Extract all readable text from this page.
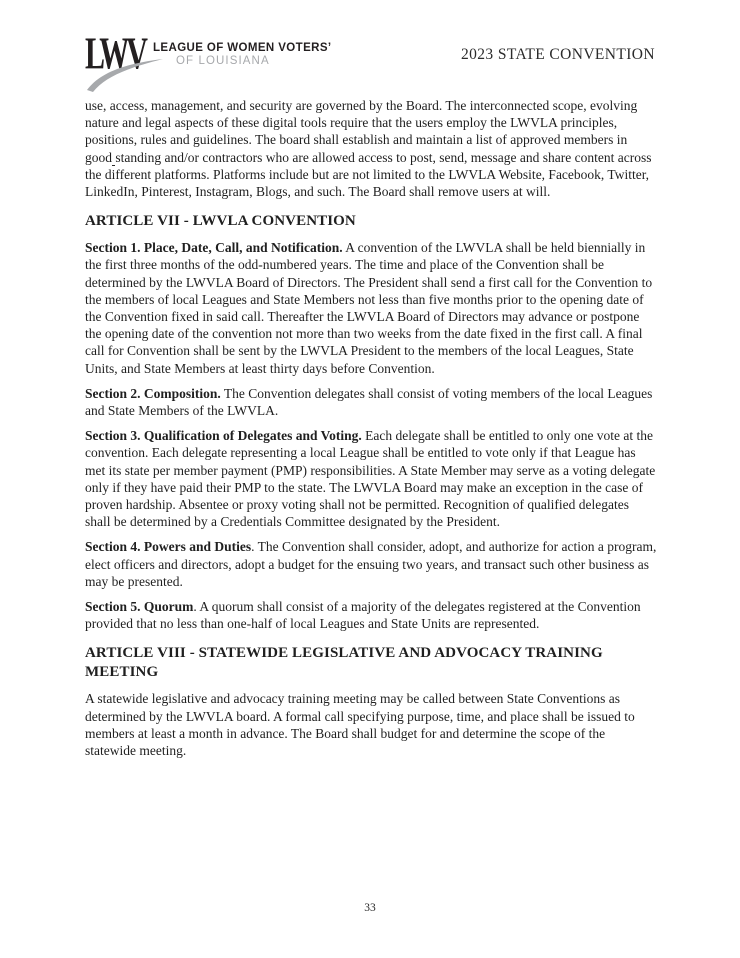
LWV LEAGUE OF WOMEN VOTERS’
OF LOUISIANA	2023 STATE CONVENTION

use, access, management, and security are governed by the Board. The interconnected scope, evolving nature and legal aspects of these digital tools require that the users employ the LWVLA principles, positions, rules and guidelines. The board shall establish and maintain a list of approved members in good standing and/or contractors who are allowed access to post, send, message and share content across the different platforms. Platforms include but are not limited to the LWVLA Website, Facebook, Twitter, LinkedIn, Pinterest, Instagram, Blogs, and such. The Board shall remove users at will.

ARTICLE VII - LWVLA CONVENTION

Section 1. Place, Date, Call, and Notification. A convention of the LWVLA shall be held biennially in the first three months of the odd-numbered years. The time and place of the Convention shall be determined by the LWVLA Board of Directors. The President shall send a first call for the Convention to the members of local Leagues and State Members not less than five months prior to the opening date of the Convention fixed in said call. Thereafter the LWVLA Board of Directors may advance or postpone the opening date of the convention not more than two weeks from the date fixed in the first call. A final call for Convention shall be sent by the LWVLA President to the members of the local Leagues, State Units, and State Members at least thirty days before Convention.

Section 2. Composition. The Convention delegates shall consist of voting members of the local Leagues and State Members of the LWVLA.

Section 3. Qualification of Delegates and Voting. Each delegate shall be entitled to only one vote at the convention. Each delegate representing a local League shall be entitled to vote only if that League has met its state per member payment (PMP) responsibilities. A State Member may serve as a voting delegate only if they have paid their PMP to the state. The LWVLA Board may make an exception in the case of proven hardship. Absentee or proxy voting shall not be permitted. Recognition of qualified delegates shall be determined by a Credentials Committee designated by the President.

Section 4. Powers and Duties. The Convention shall consider, adopt, and authorize for action a program, elect officers and directors, adopt a budget for the ensuing two years, and transact such other business as may be presented.

Section 5. Quorum. A quorum shall consist of a majority of the delegates registered at the Convention provided that no less than one-half of local Leagues and State Units are represented.

ARTICLE VIII - STATEWIDE LEGISLATIVE AND ADVOCACY TRAINING MEETING

A statewide legislative and advocacy training meeting may be called between State Conventions as determined by the LWVLA board. A formal call specifying purpose, time, and place shall be issued to members at least a month in advance. The Board shall budget for and determine the scope of the statewide meeting.

33
